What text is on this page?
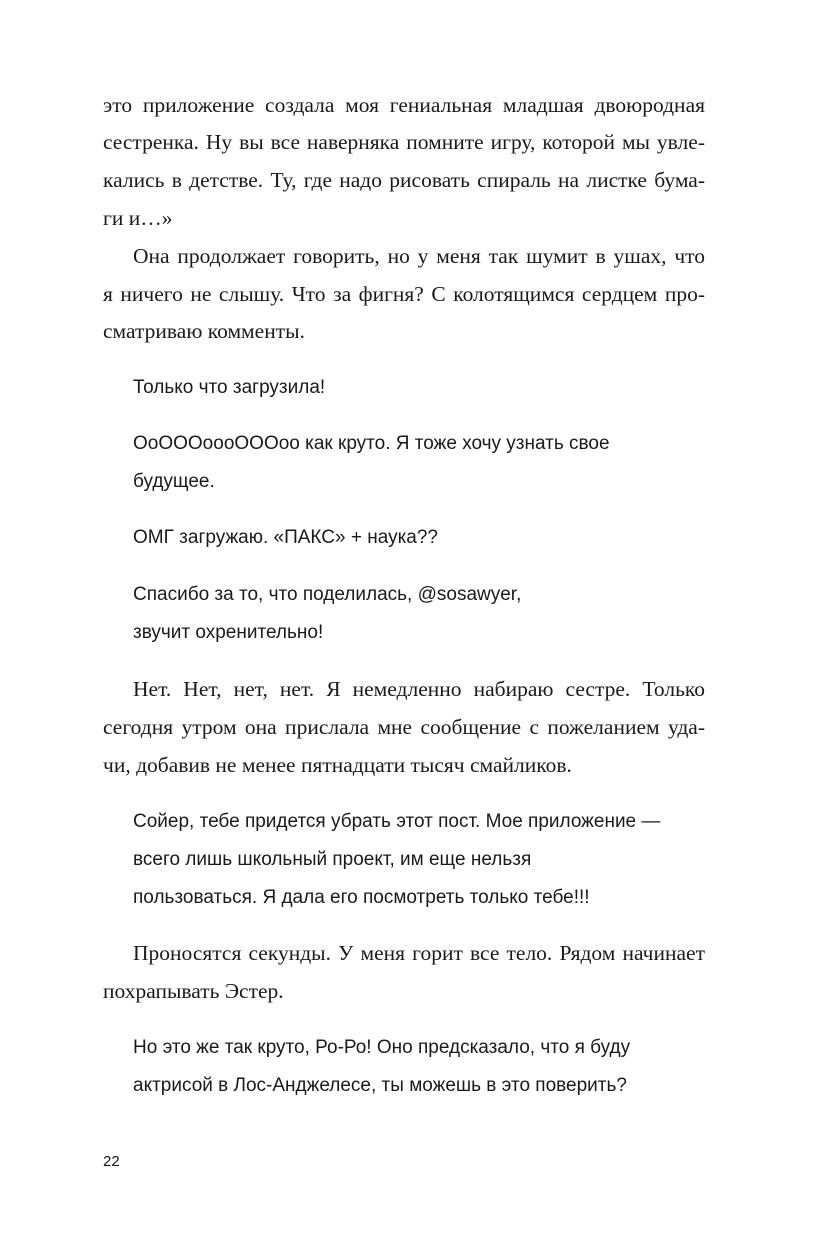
это приложение создала моя гениальная младшая двоюродная
сестренка. Ну вы все наверняка помните игру, которой мы увле-
кались в детстве. Ту, где надо рисовать спираль на листке бума-
ги и…»
Она продолжает говорить, но у меня так шумит в ушах, что
я ничего не слышу. Что за фигня? С колотящимся сердцем про-
сматриваю комменты.
Только что загрузила!
ОоОООоооОООоо как круто. Я тоже хочу узнать свое
будущее.
ОМГ загружаю. «ПАКС» + наука??
Спасибо за то, что поделилась, @sosawyer,
звучит охренительно!
Нет. Нет, нет, нет. Я немедленно набираю сестре. Только
сегодня утром она прислала мне сообщение с пожеланием уда-
чи, добавив не менее пятнадцати тысяч смайликов.
Сойер, тебе придется убрать этот пост. Мое приложение —
всего лишь школьный проект, им еще нельзя
пользоваться. Я дала его посмотреть только тебе!!!
Проносятся секунды. У меня горит все тело. Рядом начинает
похрапывать Эстер.
Но это же так круто, Ро-Ро! Оно предсказало, что я буду
актрисой в Лос-Анджелесе, ты можешь в это поверить?
22
